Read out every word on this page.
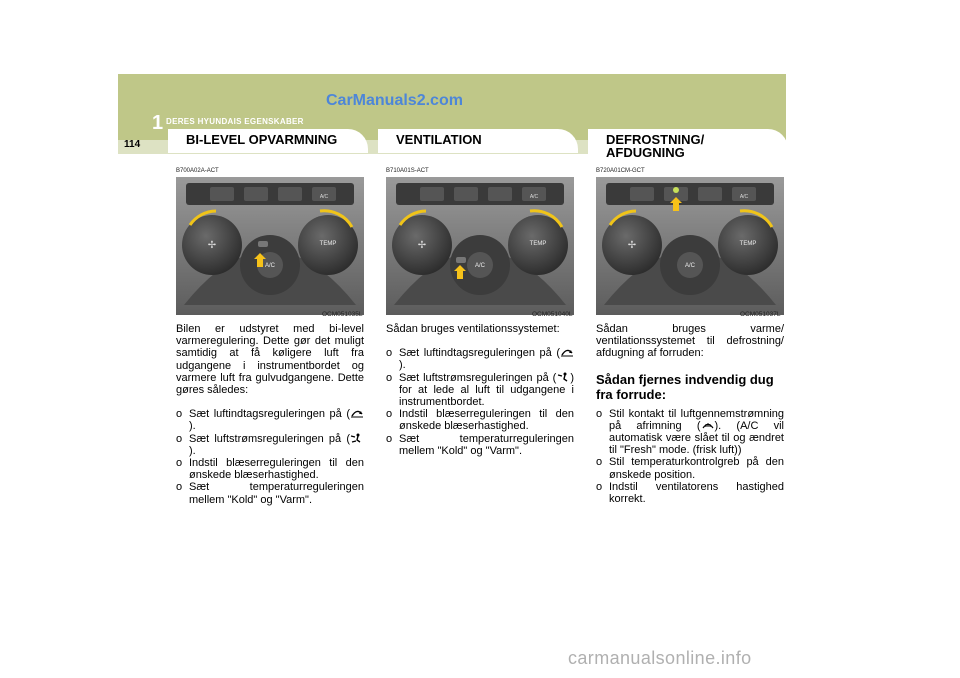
CarManuals2.com
1 DERES HYUNDAIS EGENSKABER
114	BI-LEVEL OPVARMNING	VENTILATION	DEFROSTNING/ AFDUGNING
B700A02A-ACT	B710A01S-ACT	B720A01CM-GCT
A/C
TEMP
✢
A/C
A/C
TEMP
✢
A/C
A/C
TEMP
✢
A/C
OCM051035L	OCM051040L	OCM051037L

Bilen er udstyret med bi-level varmeregulering. Dette gør det muligt samtidig at få køligere luft fra udgangene i instrumentbordet og varmere luft fra gulvudgangene. Dette gøres således:

o Sæt luftindtagsreguleringen på ().
o Sæt luftstrømsreguleringen på ().
o Indstil blæserreguleringen til den ønskede blæserhastighed.
o Sæt temperaturreguleringen mellem "Kold" og "Varm".

Sådan bruges ventilationssystemet:

o Sæt luftindtagsreguleringen på ().
o Sæt luftstrømsreguleringen på ( ) for at lede al luft til udgangene i instrumentbordet.
o Indstil blæserreguleringen til den ønskede blæserhastighed.
o Sæt temperaturreguleringen mellem "Kold" og "Varm".

Sådan bruges varme/ ventilationssystemet til defrostning/ afdugning af forruden:

Sådan fjernes indvendig dug fra forrude:
o Stil kontakt til luftgennemstrømning på afrimning ( ). (A/C vil automatisk være slået til og ændret til "Fresh" mode. (frisk luft))
o Stil temperaturkontrolgreb på den ønskede position.
o Indstil ventilatorens hastighed korrekt.
carmanualsonline.info
